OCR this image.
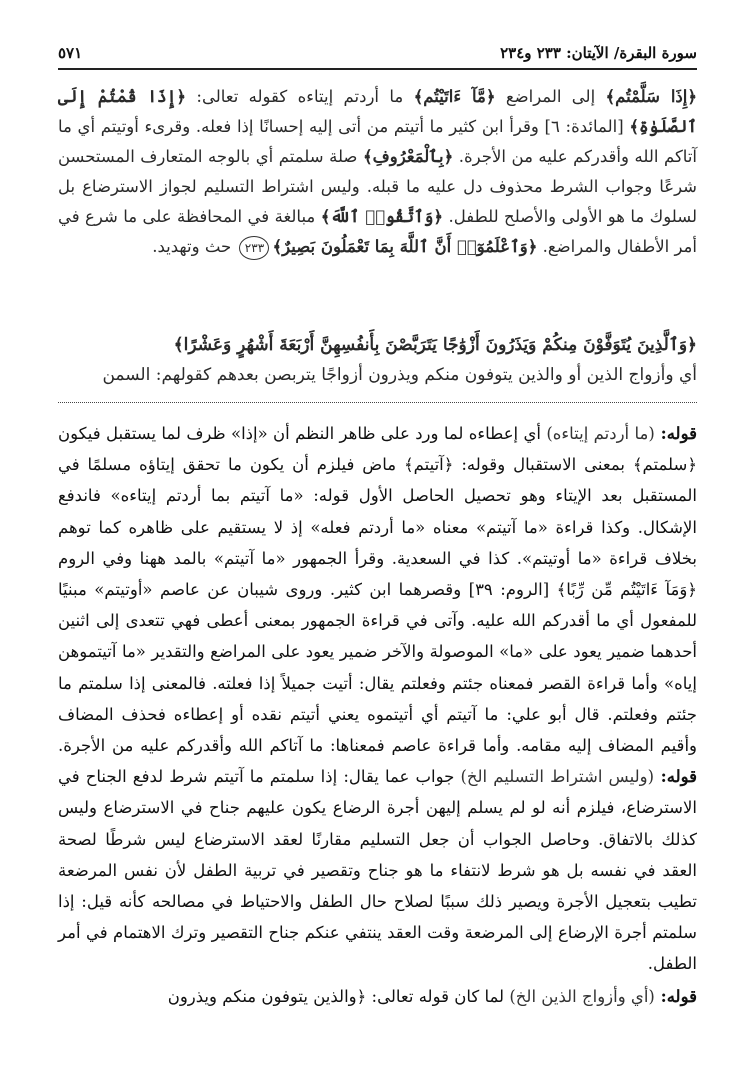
٥٧١	سورة البقرة/ الآيتان: ٢٣٣ و٢٣٤

﴿إِذَا سَلَّمْتُم﴾ إلى المراضع ﴿مَّآ ءَاتَيْتُم﴾ ما أردتم إيتاءه كقوله تعالى: ﴿إِذَا قُمْتُمْ إِلَى ٱلصَّلَوٰةِ﴾ [المائدة: ٦] وقرأ ابن كثير ما أتيتم من أتى إليه إحسانًا إذا فعله. وقرىء أوتيتم أي ما آتاكم الله وأقدركم عليه من الأجرة. ﴿بِٱلْمَعْرُوفِ﴾ صلة سلمتم أي بالوجه المتعارف المستحسن شرعًا وجواب الشرط محذوف دل عليه ما قبله. وليس اشتراط التسليم لجواز الاسترضاع بل لسلوك ما هو الأولى والأصلح للطفل. ﴿وَٱتَّقُوا۟ ٱللَّهَ﴾ مبالغة في المحافظة على ما شرع في أمر الأطفال والمراضع. ﴿وَٱعْلَمُوٓا۟ أَنَّ ٱللَّهَ بِمَا تَعْمَلُونَ بَصِيرٌ﴾٢٣٣ حث وتهديد.

﴿وَٱلَّذِينَ يُتَوَفَّوْنَ مِنكُمْ وَيَذَرُونَ أَزْوَٰجًا يَتَرَبَّصْنَ بِأَنفُسِهِنَّ أَرْبَعَةَ أَشْهُرٍ وَعَشْرًا﴾

أي وأزواج الذين أو والذين يتوفون منكم ويذرون أزواجًا يتربصن بعدهم كقولهم: السمن

قوله: (ما أردتم إيتاءه) أي إعطاءه لما ورد على ظاهر النظم أن «إذا» ظرف لما يستقبل فيكون ﴿سلمتم﴾ بمعنى الاستقبال وقوله: ﴿آتيتم﴾ ماض فيلزم أن يكون ما تحقق إيتاؤه مسلمًا في المستقبل بعد الإيتاء وهو تحصيل الحاصل الأول قوله: «ما آتيتم بما أردتم إيتاءه» فاندفع الإشكال. وكذا قراءة «ما آتيتم» معناه «ما أردتم فعله» إذ لا يستقيم على ظاهره كما توهم بخلاف قراءة «ما أوتيتم». كذا في السعدية. وقرأ الجمهور «ما آتيتم» بالمد ههنا وفي الروم ﴿وَمَآ ءَاتَيْتُم مِّن رِّبًا﴾ [الروم: ٣٩] وقصرهما ابن كثير. وروى شيبان عن عاصم «أوتيتم» مبنيًا للمفعول أي ما أقدركم الله عليه. وآتى في قراءة الجمهور بمعنى أعطى فهي تتعدى إلى اثنين أحدهما ضمير يعود على «ما» الموصولة والآخر ضمير يعود على المراضع والتقدير «ما آتيتموهن إياه» وأما قراءة القصر فمعناه جئتم وفعلتم يقال: أتيت جميلاً إذا فعلته. فالمعنى إذا سلمتم ما جئتم وفعلتم. قال أبو علي: ما آتيتم أي أتيتموه يعني أتيتم نقده أو إعطاءه فحذف المضاف وأقيم المضاف إليه مقامه. وأما قراءة عاصم فمعناها: ما آتاكم الله وأقدركم عليه من الأجرة. قوله: (وليس اشتراط التسليم الخ) جواب عما يقال: إذا سلمتم ما آتيتم شرط لدفع الجناح في الاسترضاع، فيلزم أنه لو لم يسلم إليهن أجرة الرضاع يكون عليهم جناح في الاسترضاع وليس كذلك بالاتفاق. وحاصل الجواب أن جعل التسليم مقارنًا لعقد الاسترضاع ليس شرطًا لصحة العقد في نفسه بل هو شرط لانتفاء ما هو جناح وتقصير في تربية الطفل لأن نفس المرضعة تطيب بتعجيل الأجرة ويصير ذلك سببًا لصلاح حال الطفل والاحتياط في مصالحه كأنه قيل: إذا سلمتم أجرة الإرضاع إلى المرضعة وقت العقد ينتفي عنكم جناح التقصير وترك الاهتمام في أمر الطفل.

قوله: (أي وأزواج الذين الخ) لما كان قوله تعالى: ﴿والذين يتوفون منكم ويذرون
